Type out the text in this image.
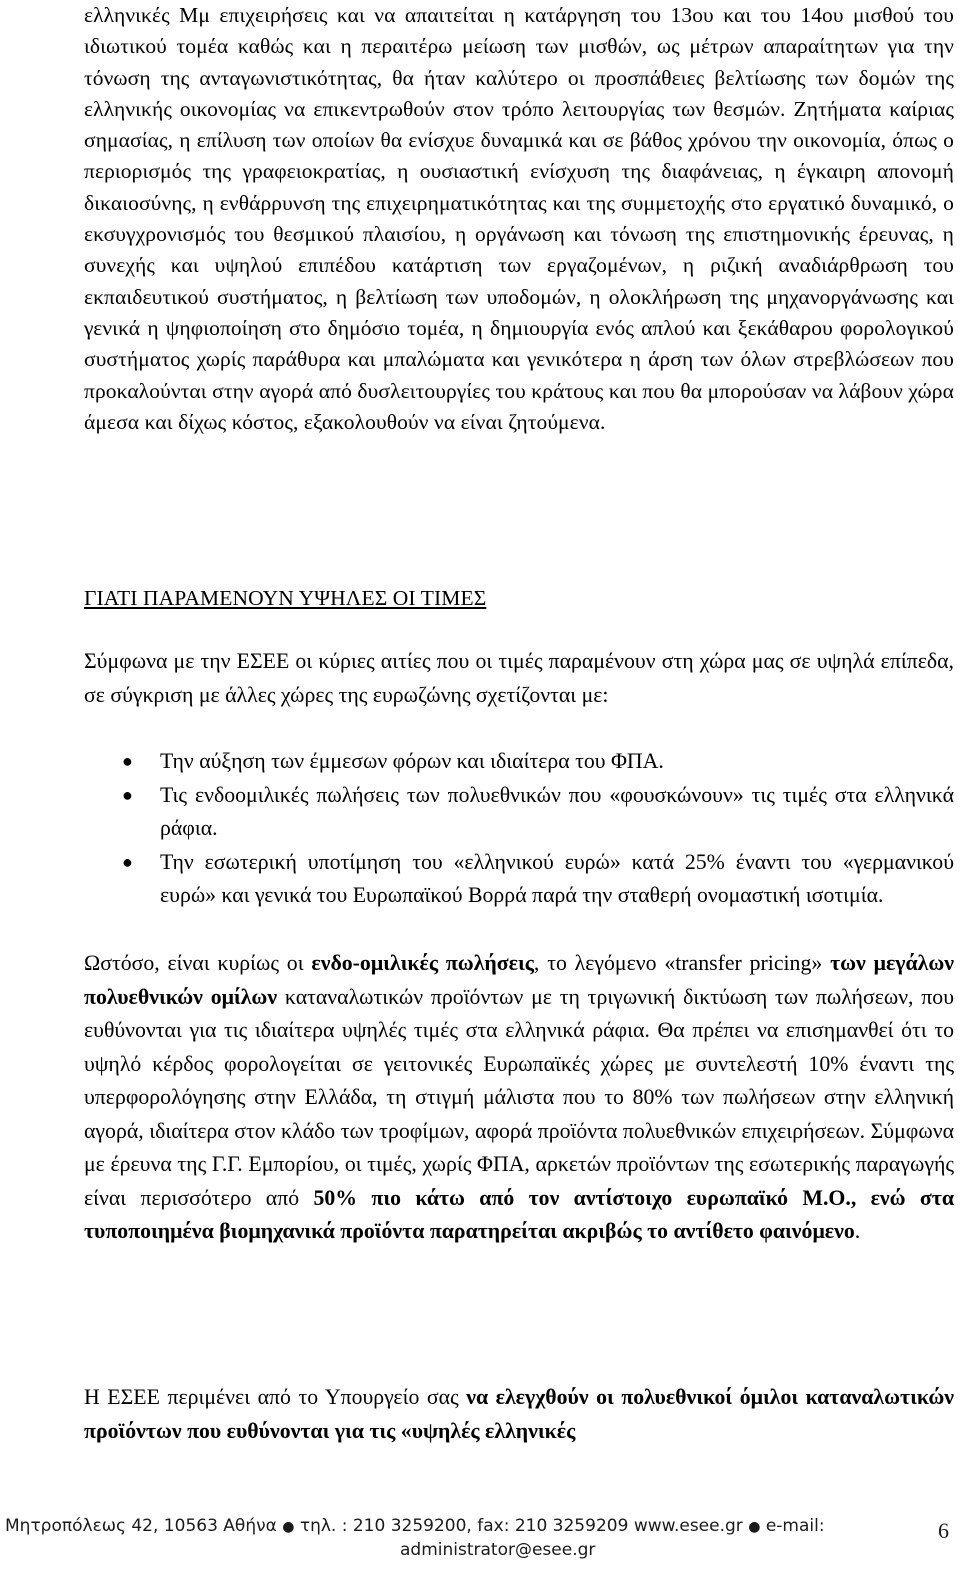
ελληνικές Μμ επιχειρήσεις και να απαιτείται η κατάργηση του 13ου και του 14ου μισθού του ιδιωτικού τομέα καθώς και η περαιτέρω μείωση των μισθών, ως μέτρων απαραίτητων για την τόνωση της ανταγωνιστικότητας, θα ήταν καλύτερο οι προσπάθειες βελτίωσης των δομών της ελληνικής οικονομίας να επικεντρωθούν στον τρόπο λειτουργίας των θεσμών. Ζητήματα καίριας σημασίας, η επίλυση των οποίων θα ενίσχυε δυναμικά και σε βάθος χρόνου την οικονομία, όπως ο περιορισμός της γραφειοκρατίας, η ουσιαστική ενίσχυση της διαφάνειας, η έγκαιρη απονομή δικαιοσύνης, η ενθάρρυνση της επιχειρηματικότητας και της συμμετοχής στο εργατικό δυναμικό, ο εκσυγχρονισμός του θεσμικού πλαισίου, η οργάνωση και τόνωση της επιστημονικής έρευνας, η συνεχής και υψηλού επιπέδου κατάρτιση των εργαζομένων, η ριζική αναδιάρθρωση του εκπαιδευτικού συστήματος, η βελτίωση των υποδομών, η ολοκλήρωση της μηχανοργάνωσης και γενικά η ψηφιοποίηση στο δημόσιο τομέα, η δημιουργία ενός απλού και ξεκάθαρου φορολογικού συστήματος χωρίς παράθυρα και μπαλώματα και γενικότερα η άρση των όλων στρεβλώσεων που προκαλούνται στην αγορά από δυσλειτουργίες του κράτους και που θα μπορούσαν να λάβουν χώρα άμεσα και δίχως κόστος, εξακολουθούν να είναι ζητούμενα.

ΓΙΑΤΙ ΠΑΡΑΜΕΝΟΥΝ ΥΨΗΛΕΣ ΟΙ ΤΙΜΕΣ

Σύμφωνα με την ΕΣΕΕ οι κύριες αιτίες που οι τιμές παραμένουν στη χώρα μας σε υψηλά επίπεδα, σε σύγκριση με άλλες χώρες της ευρωζώνης σχετίζονται με:

● Την αύξηση των έμμεσων φόρων και ιδιαίτερα του ΦΠΑ.
● Τις ενδοομιλικές πωλήσεις των πολυεθνικών που «φουσκώνουν» τις τιμές στα ελληνικά ράφια.
● Την εσωτερική υποτίμηση του «ελληνικού ευρώ» κατά 25% έναντι του «γερμανικού ευρώ» και γενικά του Ευρωπαϊκού Βορρά παρά την σταθερή ονομαστική ισοτιμία.

Ωστόσο, είναι κυρίως οι ενδο-ομιλικές πωλήσεις, το λεγόμενο «transfer pricing» των μεγάλων πολυεθνικών ομίλων καταναλωτικών προϊόντων με τη τριγωνική δικτύωση των πωλήσεων, που ευθύνονται για τις ιδιαίτερα υψηλές τιμές στα ελληνικά ράφια. Θα πρέπει να επισημανθεί ότι το υψηλό κέρδος φορολογείται σε γειτονικές Ευρωπαϊκές χώρες με συντελεστή 10% έναντι της υπερφορολόγησης στην Ελλάδα, τη στιγμή μάλιστα που το 80% των πωλήσεων στην ελληνική αγορά, ιδιαίτερα στον κλάδο των τροφίμων, αφορά προϊόντα πολυεθνικών επιχειρήσεων. Σύμφωνα με έρευνα της Γ.Γ. Εμπορίου, οι τιμές, χωρίς ΦΠΑ, αρκετών προϊόντων της εσωτερικής παραγωγής είναι περισσότερο από 50% πιο κάτω από τον αντίστοιχο ευρωπαϊκό Μ.Ο., ενώ στα τυποποιημένα βιομηχανικά προϊόντα παρατηρείται ακριβώς το αντίθετο φαινόμενο.

Η ΕΣΕΕ περιμένει από το Υπουργείο σας να ελεγχθούν οι πολυεθνικοί όμιλοι καταναλωτικών προϊόντων που ευθύνονται για τις «υψηλές ελληνικές

Μητροπόλεως 42, 10563 Αθήνα ● τηλ. : 210 3259200, fax: 210 3259209 www.esee.gr ● e-mail:
administrator@esee.gr
6
